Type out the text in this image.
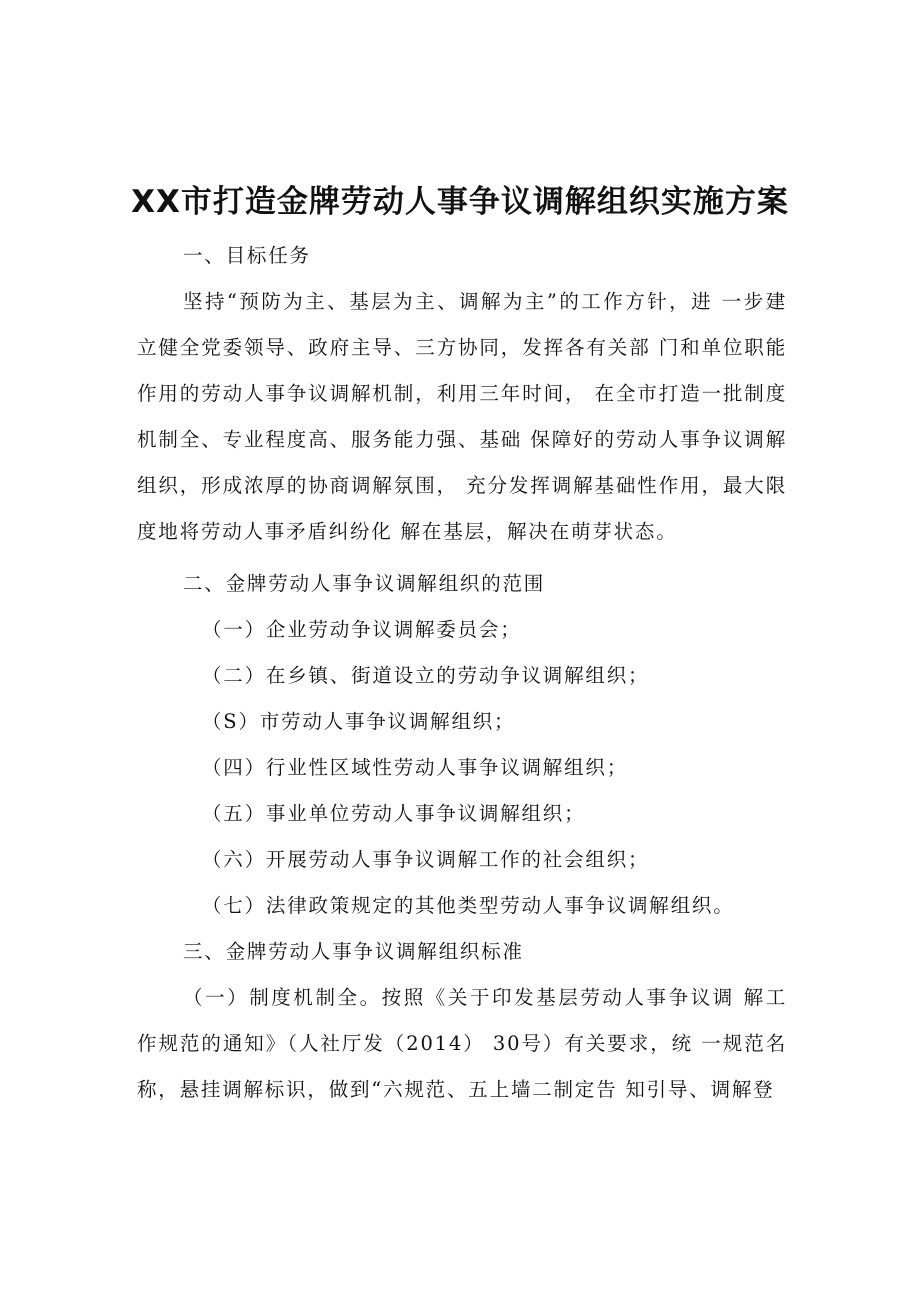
XX市打造金牌劳动人事争议调解组织实施方案

一、目标任务

坚持“预防为主、基层为主、调解为主”的工作方针，进 一步建立健全党委领导、政府主导、三方协同，发挥各有关部 门和单位职能作用的劳动人事争议调解机制，利用三年时间， 在全市打造一批制度机制全、专业程度高、服务能力强、基础 保障好的劳动人事争议调解组织，形成浓厚的协商调解氛围， 充分发挥调解基础性作用，最大限度地将劳动人事矛盾纠纷化 解在基层，解决在萌芽状态。

二、金牌劳动人事争议调解组织的范围

（一）企业劳动争议调解委员会；

（二）在乡镇、街道设立的劳动争议调解组织；

（S）市劳动人事争议调解组织；

（四）行业性区域性劳动人事争议调解组织；

（五）事业单位劳动人事争议调解组织；

（六）开展劳动人事争议调解工作的社会组织；

（七）法律政策规定的其他类型劳动人事争议调解组织。

三、金牌劳动人事争议调解组织标准

（一）制度机制全。按照《关于印发基层劳动人事争议调 解工作规范的通知》（人社厅发（2014） 30号）有关要求，统 一规范名称，悬挂调解标识，做到“六规范、五上墙二制定告 知引导、调解登
